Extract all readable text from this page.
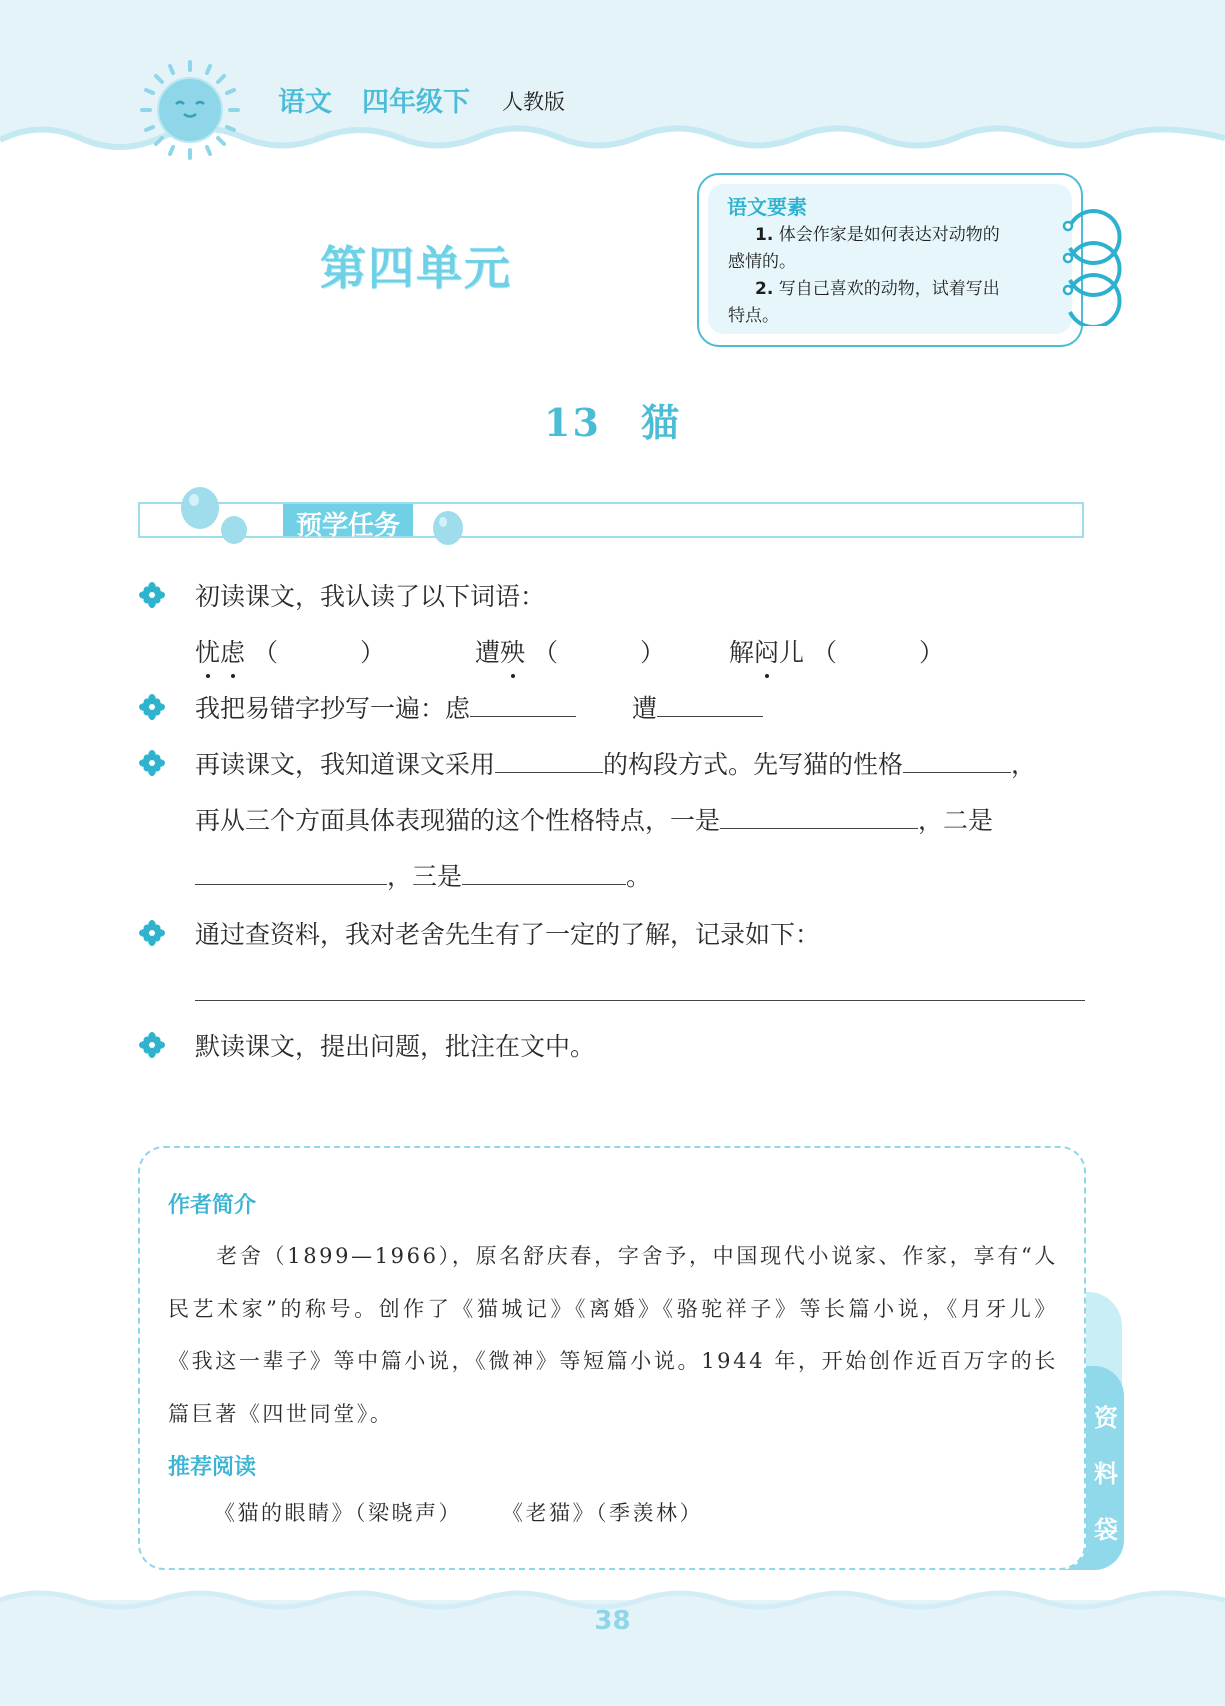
语文 四年级下 人教版
第四单元
语文要素

1. 体会作家是如何表达对动物的

感情的。

2. 写自己喜欢的动物，试着写出

特点。

13 猫
预学任务
初读课文，我认读了以下词语：
忧虑 （	）	遭殃 （	）	解闷儿 （	）
我把易错字抄写一遍：虑	遭
再读课文，我知道课文采用	的构段方式。先写猫的性格	，
再从三个方面具体表现猫的这个性格特点，一是	，二是
，三是	。
通过查资料，我对老舍先生有了一定的了解，记录如下：
默读课文，提出问题，批注在文中。
作者简介
老舍（1899—1966），原名舒庆春，字舍予，中国现代小说家、作家，享有“人民艺术家”的称号。创作了《猫城记》《离婚》《骆驼祥子》等长篇小说，《月牙儿》《我这一辈子》等中篇小说，《微神》等短篇小说。1944 年，开始创作近百万字的长篇巨著《四世同堂》。
推荐阅读
《猫的眼睛》（梁晓声） 《老猫》（季羡林）
资
料
袋
38
